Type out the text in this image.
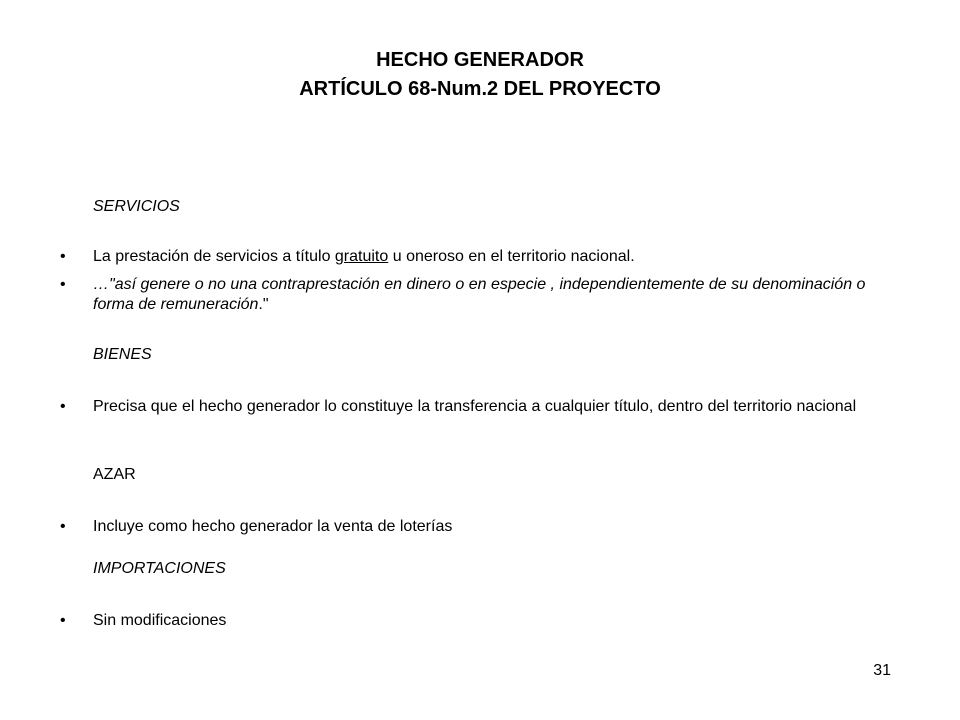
HECHO GENERADOR
ARTÍCULO 68-Num.2 DEL PROYECTO
SERVICIOS
•	La prestación de servicios a título gratuito u oneroso en el territorio nacional.
•	…"así genere o no una contraprestación en dinero o en especie , independientemente de su denominación o forma de remuneración."
BIENES
•	Precisa que el hecho generador lo constituye la transferencia a cualquier título, dentro del territorio nacional
AZAR
•	Incluye como hecho generador la venta de loterías
IMPORTACIONES
•	Sin modificaciones
31
